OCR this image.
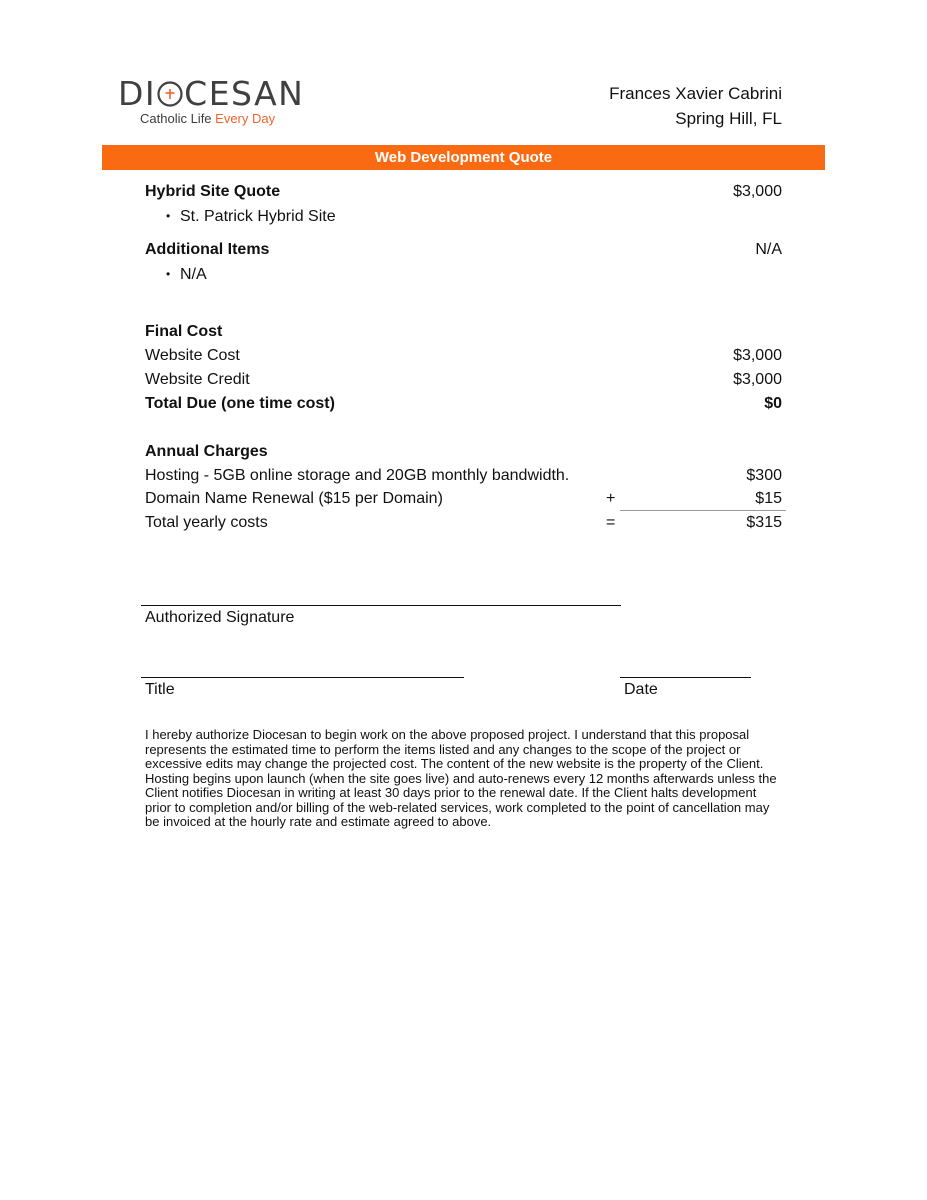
DI CESAN
Catholic Life Every Day
Frances Xavier Cabrini
Spring Hill, FL
Web Development Quote
Hybrid Site Quote	$3,000
• St. Patrick Hybrid Site
Additional Items	N/A
• N/A
Final Cost
Website Cost	$3,000
Website Credit	$3,000
Total Due (one time cost)	$0
Annual Charges
Hosting - 5GB online storage and 20GB monthly bandwidth.	$300
Domain Name Renewal ($15 per Domain)	+	$15
Total yearly costs	=	$315
Authorized Signature
Title	Date
I hereby authorize Diocesan to begin work on the above proposed project. I understand that this proposal represents the estimated time to perform the items listed and any changes to the scope of the project or excessive edits may change the projected cost. The content of the new website is the property of the Client. Hosting begins upon launch (when the site goes live) and auto-renews every 12 months afterwards unless the Client notifies Diocesan in writing at least 30 days prior to the renewal date. If the Client halts development prior to completion and/or billing of the web-related services, work completed to the point of cancellation may be invoiced at the hourly rate and estimate agreed to above.
